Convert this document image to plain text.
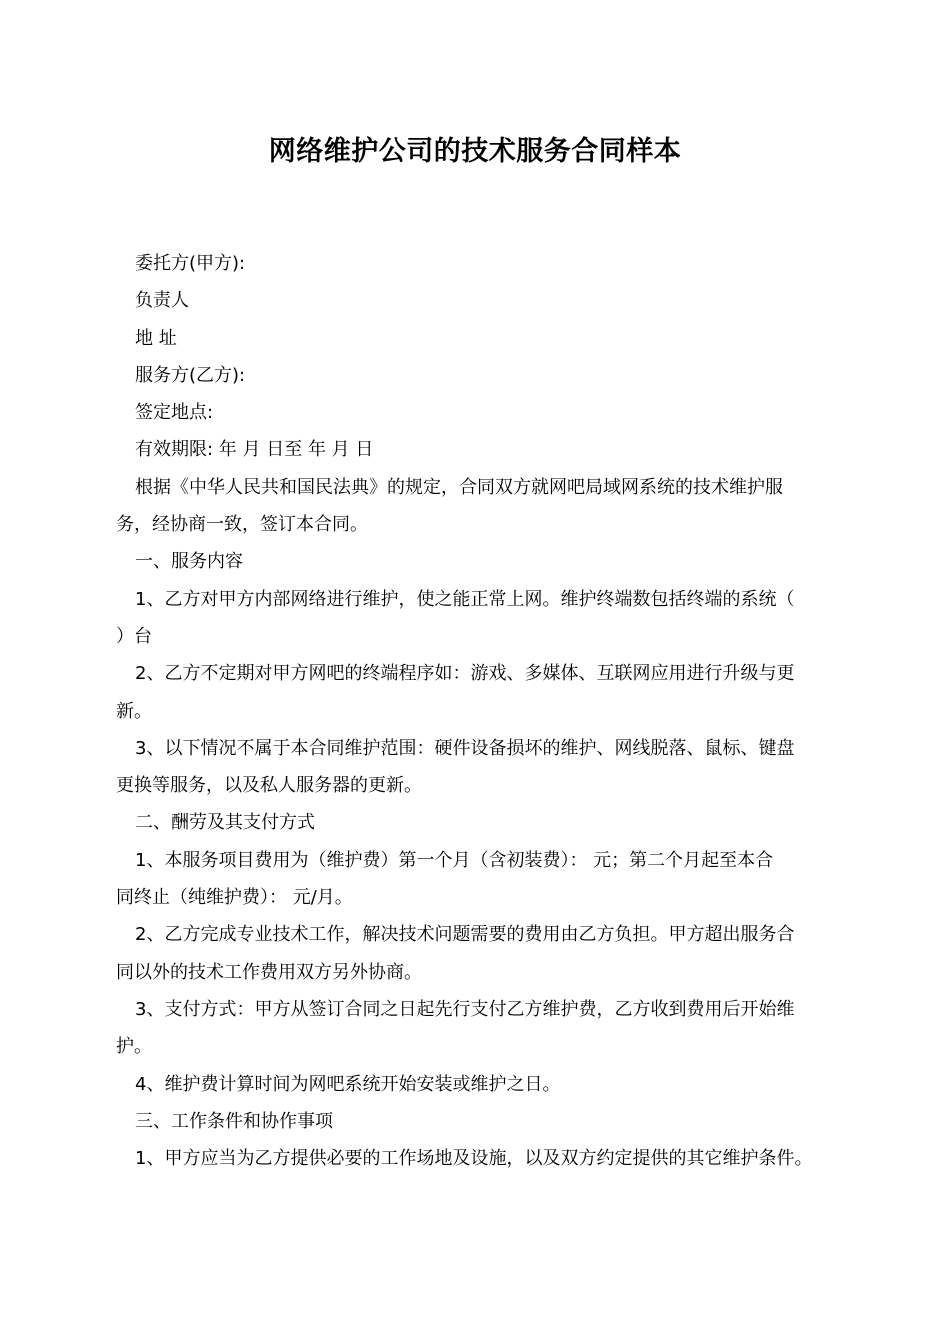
网络维护公司的技术服务合同样本
委托方(甲方):
负责人
地 址
服务方(乙方):
签定地点:
有效期限: 年 月 日至 年 月 日
根据《中华人民共和国民法典》的规定，合同双方就网吧局域网系统的技术维护服
务，经协商一致，签订本合同。
一、服务内容
1、乙方对甲方内部网络进行维护，使之能正常上网。维护终端数包括终端的系统（
）台
2、乙方不定期对甲方网吧的终端程序如：游戏、多媒体、互联网应用进行升级与更
新。
3、以下情况不属于本合同维护范围：硬件设备损坏的维护、网线脱落、鼠标、键盘
更换等服务，以及私人服务器的更新。
二、酬劳及其支付方式
1、本服务项目费用为（维护费）第一个月（含初装费）： 元；第二个月起至本合
同终止（纯维护费）： 元/月。
2、乙方完成专业技术工作，解决技术问题需要的费用由乙方负担。甲方超出服务合
同以外的技术工作费用双方另外协商。
3、支付方式：甲方从签订合同之日起先行支付乙方维护费，乙方收到费用后开始维
护。
4、维护费计算时间为网吧系统开始安装或维护之日。
三、工作条件和协作事项
1、甲方应当为乙方提供必要的工作场地及设施，以及双方约定提供的其它维护条件。
